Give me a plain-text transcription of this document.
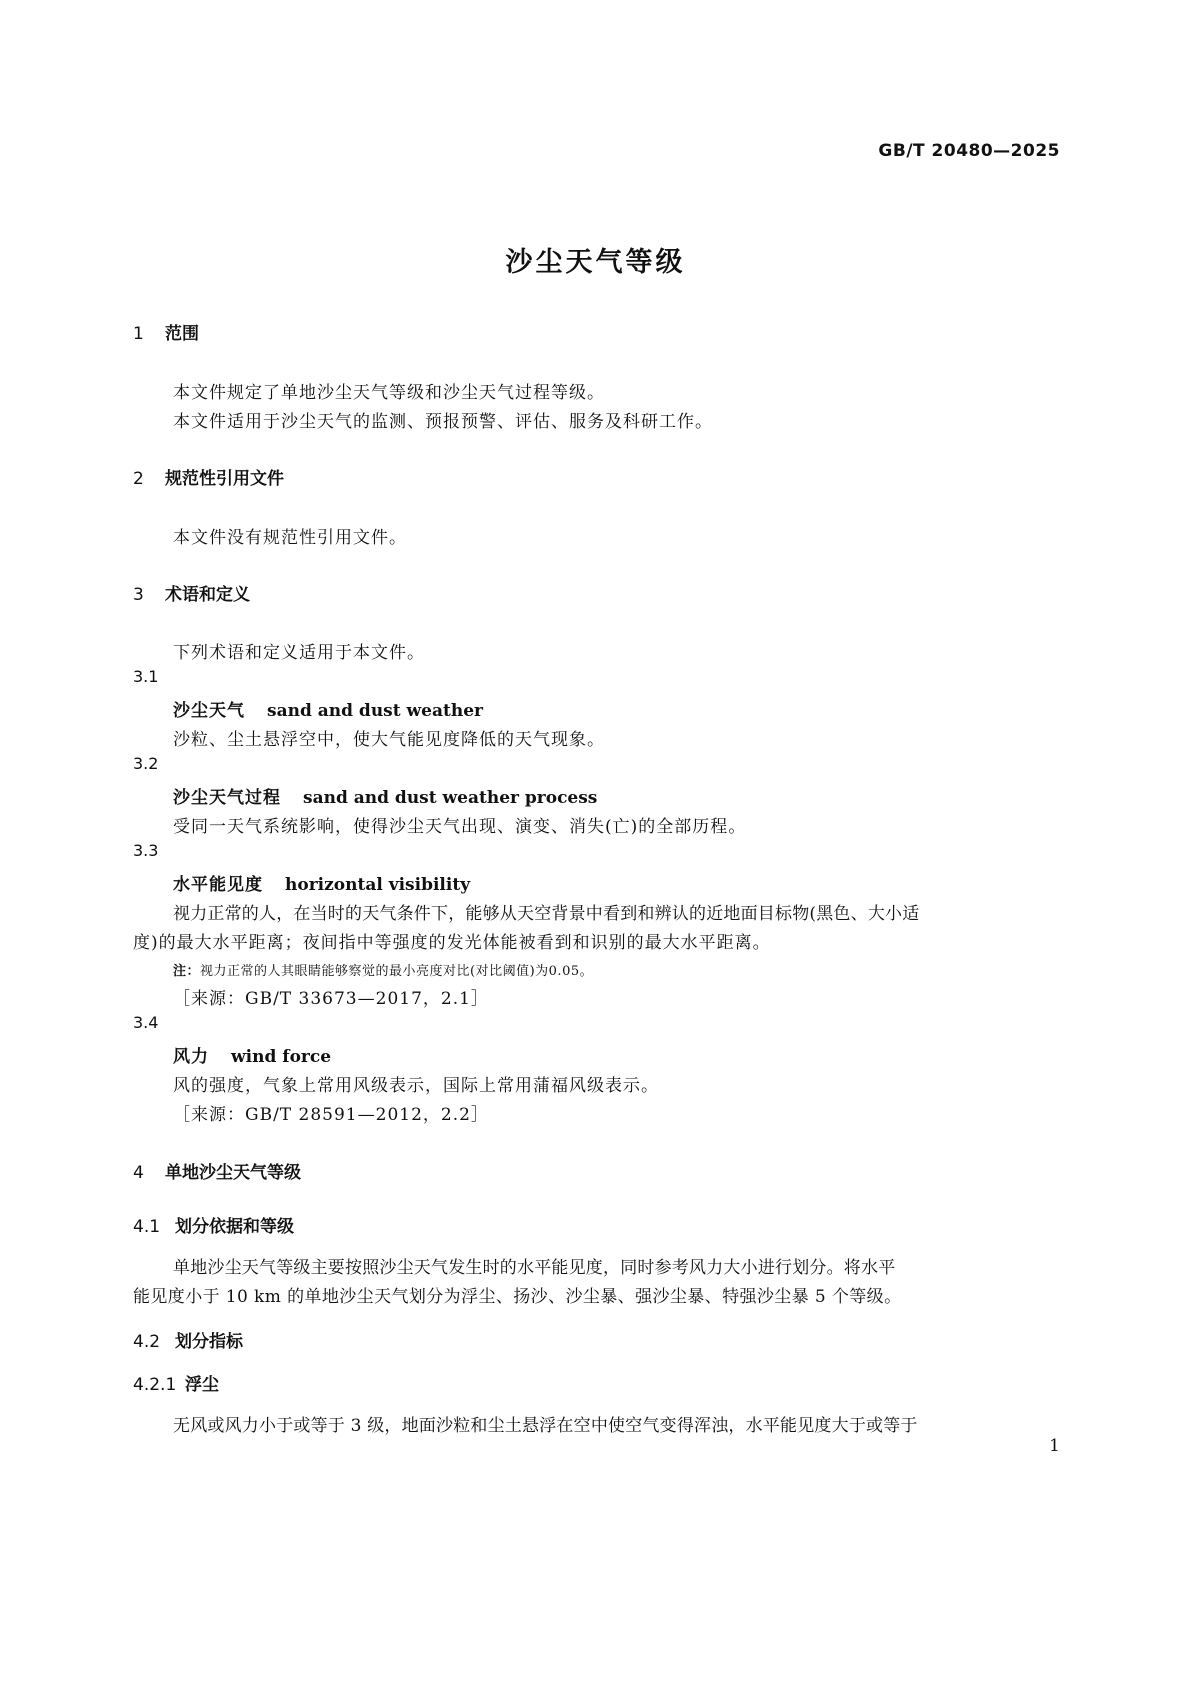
GB/T 20480—2025
沙尘天气等级
1 范围
本文件规定了单地沙尘天气等级和沙尘天气过程等级。
本文件适用于沙尘天气的监测、预报预警、评估、服务及科研工作。
2 规范性引用文件
本文件没有规范性引用文件。
3 术语和定义
下列术语和定义适用于本文件。
3.1
沙尘天气 sand and dust weather
沙粒、尘土悬浮空中，使大气能见度降低的天气现象。
3.2
沙尘天气过程 sand and dust weather process
受同一天气系统影响，使得沙尘天气出现、演变、消失(亡)的全部历程。
3.3
水平能见度 horizontal visibility
视力正常的人，在当时的天气条件下，能够从天空背景中看到和辨认的近地面目标物(黑色、大小适
度)的最大水平距离；夜间指中等强度的发光体能被看到和识别的最大水平距离。
注：视力正常的人其眼睛能够察觉的最小亮度对比(对比阈值)为0.05。
［来源：GB/T 33673—2017，2.1］
3.4
风力 wind force
风的强度，气象上常用风级表示，国际上常用蒲福风级表示。
［来源：GB/T 28591—2012，2.2］
4 单地沙尘天气等级
4.1 划分依据和等级
单地沙尘天气等级主要按照沙尘天气发生时的水平能见度，同时参考风力大小进行划分。将水平
能见度小于 10 km 的单地沙尘天气划分为浮尘、扬沙、沙尘暴、强沙尘暴、特强沙尘暴 5 个等级。
4.2 划分指标
4.2.1 浮尘
无风或风力小于或等于 3 级，地面沙粒和尘土悬浮在空中使空气变得浑浊，水平能见度大于或等于
1
